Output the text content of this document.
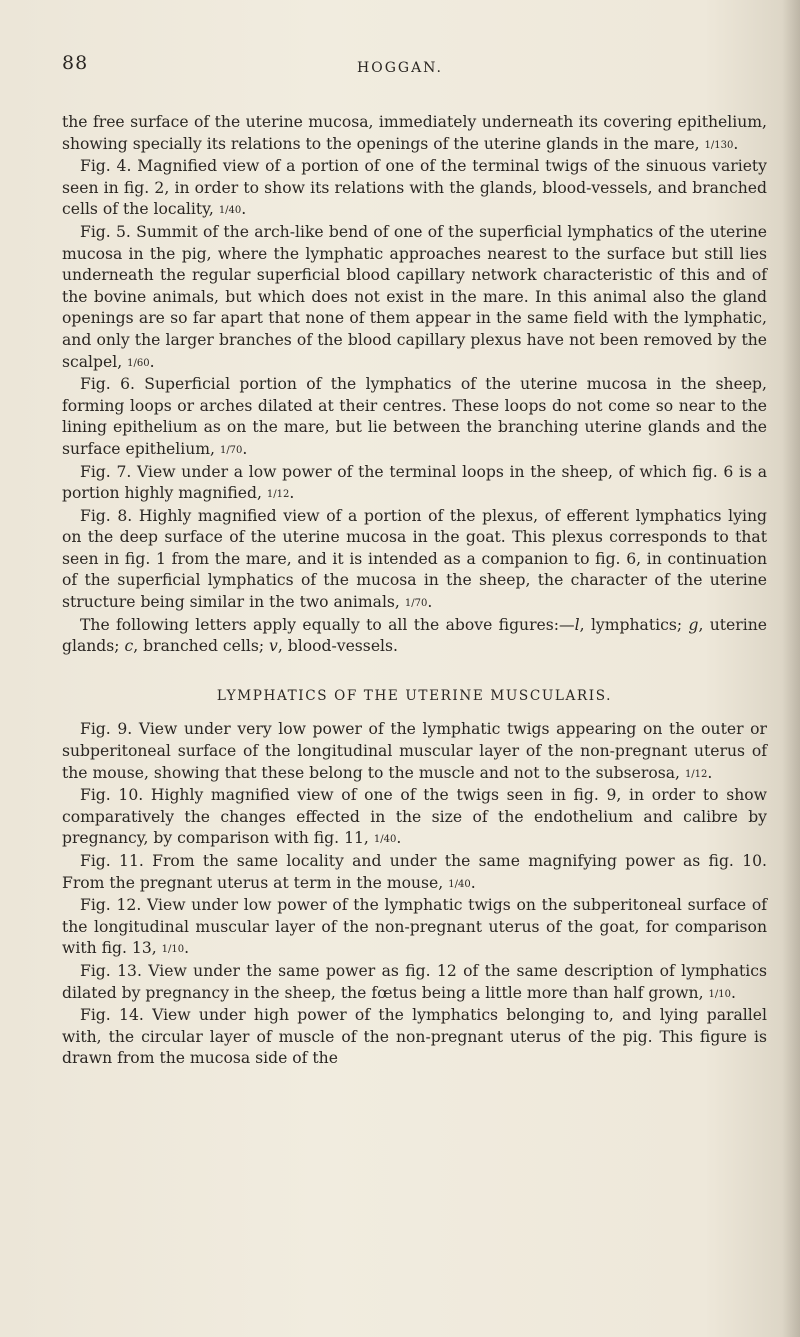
88	HOGGAN.

the free surface of the uterine mucosa, immediately underneath its covering epithelium, showing specially its relations to the openings of the uterine glands in the mare, 1/130.

Fig. 4. Magnified view of a portion of one of the terminal twigs of the sinuous variety seen in fig. 2, in order to show its relations with the glands, blood-vessels, and branched cells of the locality, 1/40.

Fig. 5. Summit of the arch-like bend of one of the superficial lymphatics of the uterine mucosa in the pig, where the lymphatic approaches nearest to the surface but still lies underneath the regular superficial blood capillary network characteristic of this and of the bovine animals, but which does not exist in the mare. In this animal also the gland openings are so far apart that none of them appear in the same field with the lymphatic, and only the larger branches of the blood capillary plexus have not been removed by the scalpel, 1/60.

Fig. 6. Superficial portion of the lymphatics of the uterine mucosa in the sheep, forming loops or arches dilated at their centres. These loops do not come so near to the lining epithelium as on the mare, but lie between the branching uterine glands and the surface epithelium, 1/70.

Fig. 7. View under a low power of the terminal loops in the sheep, of which fig. 6 is a portion highly magnified, 1/12.

Fig. 8. Highly magnified view of a portion of the plexus, of efferent lymphatics lying on the deep surface of the uterine mucosa in the goat. This plexus corresponds to that seen in fig. 1 from the mare, and it is intended as a companion to fig. 6, in continuation of the superficial lymphatics of the mucosa in the sheep, the character of the uterine structure being similar in the two animals, 1/70.

The following letters apply equally to all the above figures:—l, lymphatics; g, uterine glands; c, branched cells; v, blood-vessels.

LYMPHATICS OF THE UTERINE MUSCULARIS.

Fig. 9. View under very low power of the lymphatic twigs appearing on the outer or subperitoneal surface of the longitudinal muscular layer of the non-pregnant uterus of the mouse, showing that these belong to the muscle and not to the subserosa, 1/12.

Fig. 10. Highly magnified view of one of the twigs seen in fig. 9, in order to show comparatively the changes effected in the size of the endothelium and calibre by pregnancy, by comparison with fig. 11, 1/40.

Fig. 11. From the same locality and under the same magnifying power as fig. 10. From the pregnant uterus at term in the mouse, 1/40.

Fig. 12. View under low power of the lymphatic twigs on the subperitoneal surface of the longitudinal muscular layer of the non-pregnant uterus of the goat, for comparison with fig. 13, 1/10.

Fig. 13. View under the same power as fig. 12 of the same description of lymphatics dilated by pregnancy in the sheep, the fœtus being a little more than half grown, 1/10.

Fig. 14. View under high power of the lymphatics belonging to, and lying parallel with, the circular layer of muscle of the non-pregnant uterus of the pig. This figure is drawn from the mucosa side of the
